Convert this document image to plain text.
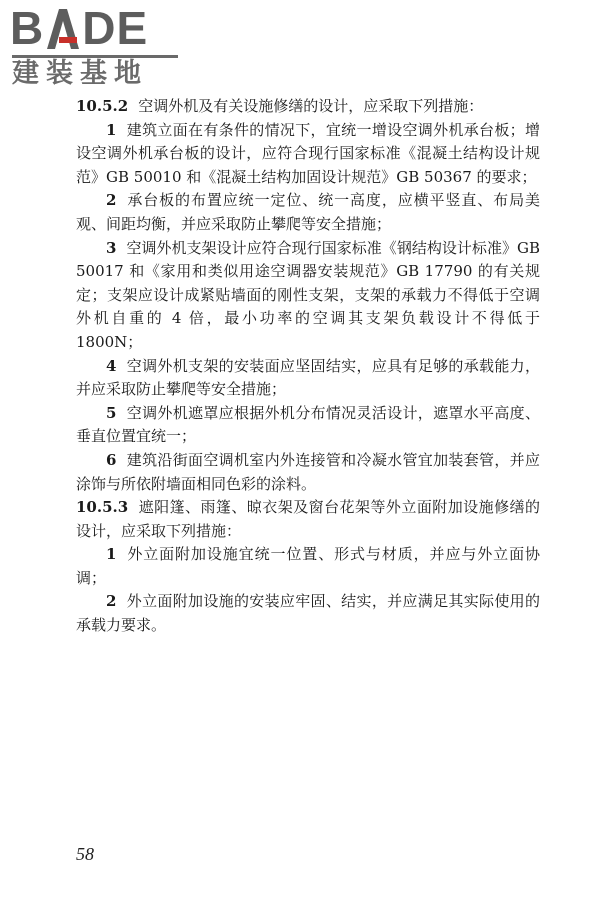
B DE
建装基地

10.5.2 空调外机及有关设施修缮的设计，应采取下列措施：

1 建筑立面在有条件的情况下，宜统一增设空调外机承台板；增设空调外机承台板的设计，应符合现行国家标准《混凝土结构设计规范》GB 50010 和《混凝土结构加固设计规范》GB 50367 的要求；

2 承台板的布置应统一定位、统一高度，应横平竖直、布局美观、间距均衡，并应采取防止攀爬等安全措施；

3 空调外机支架设计应符合现行国家标准《钢结构设计标准》GB 50017 和《家用和类似用途空调器安装规范》GB 17790 的有关规定；支架应设计成紧贴墙面的刚性支架，支架的承载力不得低于空调外机自重的 4 倍，最小功率的空调其支架负载设计不得低于 1800N；

4 空调外机支架的安装面应坚固结实，应具有足够的承载能力，并应采取防止攀爬等安全措施；

5 空调外机遮罩应根据外机分布情况灵活设计，遮罩水平高度、垂直位置宜统一；

6 建筑沿街面空调机室内外连接管和冷凝水管宜加装套管，并应涂饰与所依附墙面相同色彩的涂料。

10.5.3 遮阳篷、雨篷、晾衣架及窗台花架等外立面附加设施修缮的设计，应采取下列措施：

1 外立面附加设施宜统一位置、形式与材质，并应与外立面协调；

2 外立面附加设施的安装应牢固、结实，并应满足其实际使用的承载力要求。

58
